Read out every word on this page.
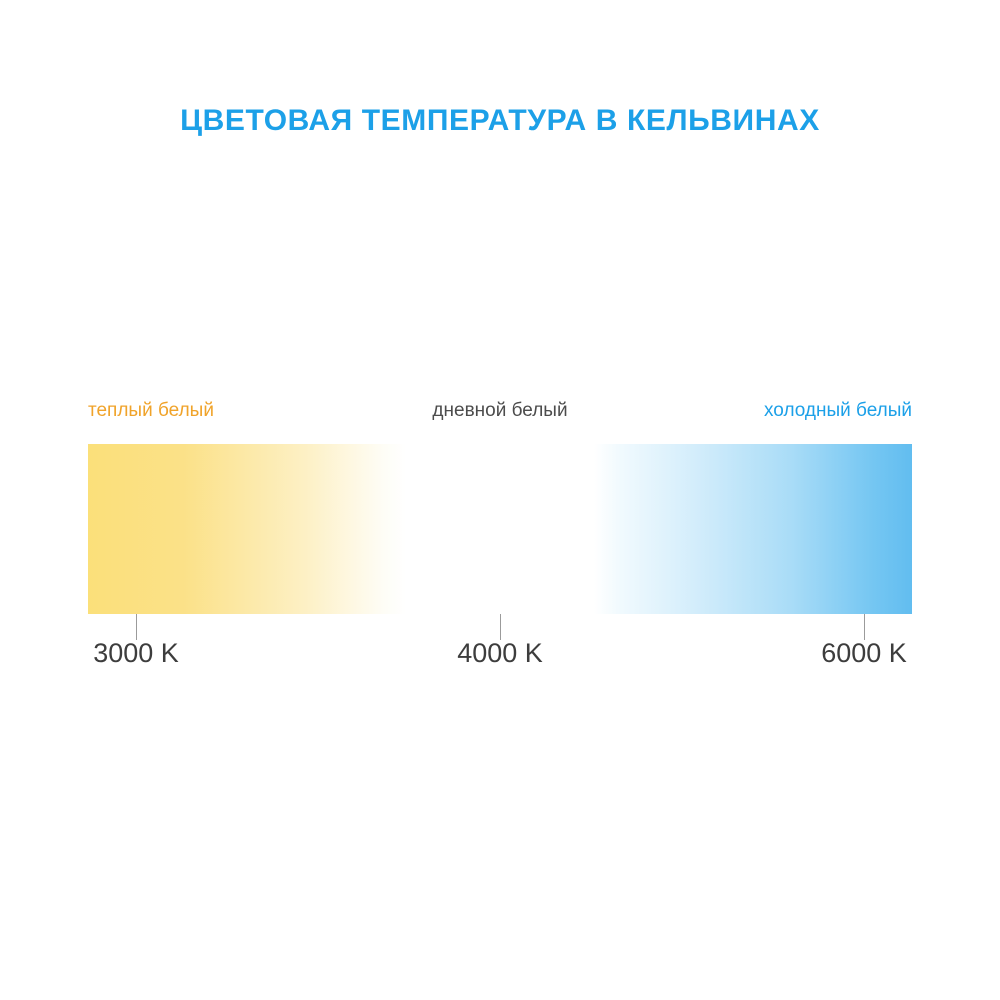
ЦВЕТОВАЯ ТЕМПЕРАТУРА В КЕЛЬВИНАХ
теплый белый	дневной белый	холодный белый
3000 K	4000 K	6000 K
